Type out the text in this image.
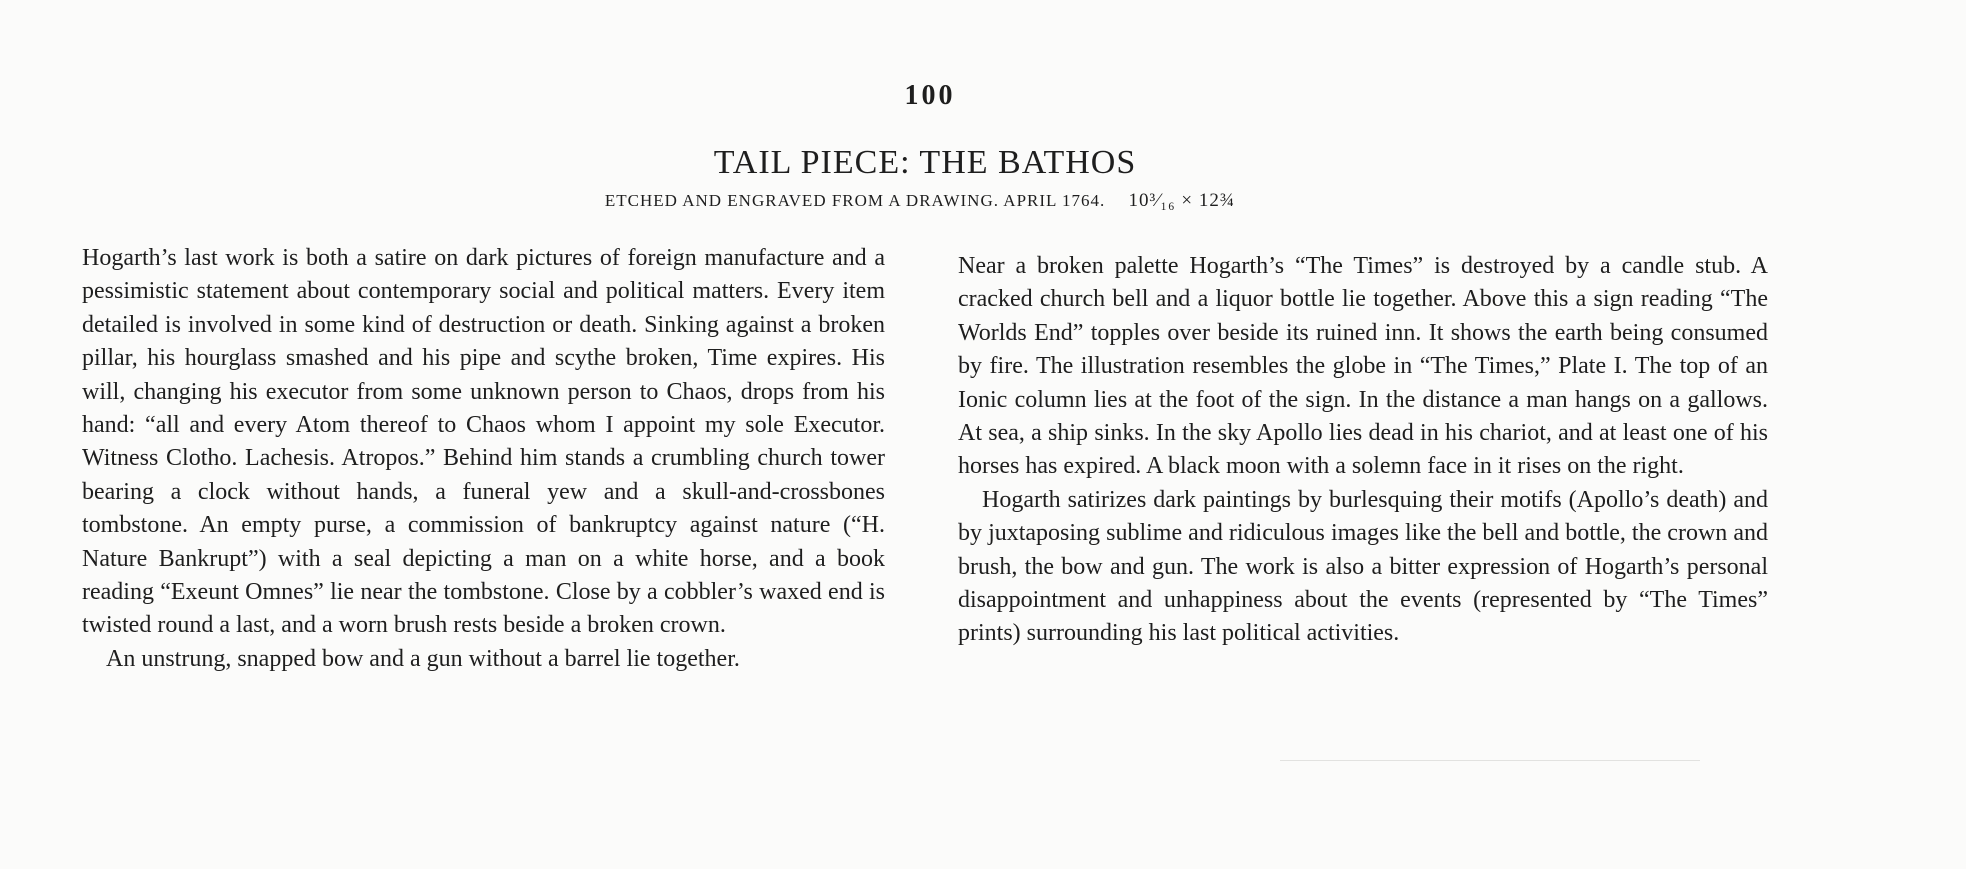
100
TAIL PIECE: THE BATHOS
ETCHED AND ENGRAVED FROM A DRAWING. APRIL 1764. 10³⁄₁₆ × 12¾

Hogarth’s last work is both a satire on dark pictures of foreign manufacture and a pessimistic statement about contemporary social and political matters. Every item detailed is involved in some kind of destruction or death. Sinking against a broken pillar, his hourglass smashed and his pipe and scythe broken, Time expires. His will, changing his executor from some unknown person to Chaos, drops from his hand: “all and every Atom thereof to Chaos whom I appoint my sole Executor. Witness Clotho. Lachesis. Atropos.” Behind him stands a crumbling church tower bearing a clock without hands, a funeral yew and a skull-and-crossbones tombstone. An empty purse, a commission of bankruptcy against nature (“H. Nature Bankrupt”) with a seal depicting a man on a white horse, and a book reading “Exeunt Omnes” lie near the tombstone. Close by a cobbler’s waxed end is twisted round a last, and a worn brush rests beside a broken crown.

An unstrung, snapped bow and a gun without a barrel lie together.

Near a broken palette Hogarth’s “The Times” is destroyed by a candle stub. A cracked church bell and a liquor bottle lie together. Above this a sign reading “The Worlds End” topples over beside its ruined inn. It shows the earth being consumed by fire. The illustration resembles the globe in “The Times,” Plate I. The top of an Ionic column lies at the foot of the sign. In the distance a man hangs on a gallows. At sea, a ship sinks. In the sky Apollo lies dead in his chariot, and at least one of his horses has expired. A black moon with a solemn face in it rises on the right.

Hogarth satirizes dark paintings by burlesquing their motifs (Apollo’s death) and by juxtaposing sublime and ridiculous images like the bell and bottle, the crown and brush, the bow and gun. The work is also a bitter expression of Hogarth’s personal disappointment and unhappiness about the events (represented by “The Times” prints) surrounding his last political activities.
